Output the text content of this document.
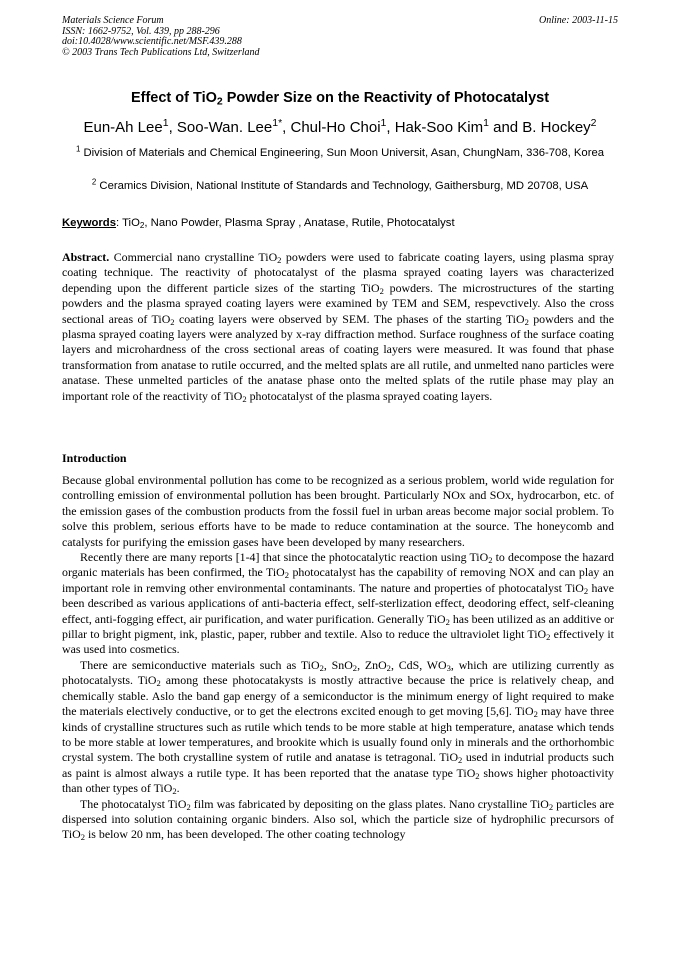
Materials Science Forum	Online: 2003-11-15
ISSN: 1662-9752, Vol. 439, pp 288-296
doi:10.4028/www.scientific.net/MSF.439.288
© 2003 Trans Tech Publications Ltd, Switzerland
Effect of TiO$_2$ Powder Size on the Reactivity of Photocatalyst
Eun-Ah Lee$^1$, Soo-Wan. Lee$^{1*}$, Chul-Ho Choi$^1$, Hak-Soo Kim$^1$ and B. Hockey$^2$
$^1$ Division of Materials and Chemical Engineering, Sun Moon Universit, Asan, ChungNam, 336-708, Korea
$^2$ Ceramics Division, National Institute of Standards and Technology, Gaithersburg, MD 20708, USA
Keywords: TiO$_2$, Nano Powder, Plasma Spray , Anatase, Rutile, Photocatalyst

Abstract. Commercial nano crystalline TiO$_2$ powders were used to fabricate coating layers, using plasma spray coating technique. The reactivity of photocatalyst of the plasma sprayed coating layers was characterized depending upon the different particle sizes of the starting TiO$_2$ powders. The microstructures of the starting powders and the plasma sprayed coating layers were examined by TEM and SEM, respevctively. Also the cross sectional areas of TiO$_2$ coating layers were observed by SEM. The phases of the starting TiO$_2$ powders and the plasma sprayed coating layers were analyzed by x-ray diffraction method. Surface roughness of the surface coating layers and microhardness of the cross sectional areas of coating layers were measured. It was found that phase transformation from anatase to rutile occurred, and the melted splats are all rutile, and unmelted nano particles were anatase. These unmelted particles of the anatase phase onto the melted splats of the rutile phase may play an important role of the reactivity of TiO$_2$ photocatalyst of the plasma sprayed coating layers.

Introduction

Because global environmental pollution has come to be recognized as a serious problem, world wide regulation for controlling emission of environmental pollution has been brought. Particularly NOx and SOx, hydrocarbon, etc. of the emission gases of the combustion products from the fossil fuel in urban areas become major social problem. To solve this problem, serious efforts have to be made to reduce contamination at the source. The honeycomb and catalysts for purifying the emission gases have been developed by many researchers.

Recently there are many reports [1-4] that since the photocatalytic reaction using TiO$_2$ to decompose the hazard organic materials has been confirmed, the TiO$_2$ photocatalyst has the capability of removing NOX and can play an important role in remving other environmental contaminants. The nature and properties of photocatalyst TiO$_2$ have been described as various applications of anti-bacteria effect, self-sterlization effect, deodoring effect, self-cleaning effect, anti-fogging effect, air purification, and water purification. Generally TiO$_2$ has been utilized as an additive or pillar to bright pigment, ink, plastic, paper, rubber and textile. Also to reduce the ultraviolet light TiO$_2$ effectively it was used into cosmetics.

There are semiconductive materials such as TiO$_2$, SnO$_2$, ZnO$_2$, CdS, $WO_3$, which are utilizing currently as photocatalysts. TiO$_2$ among these photocatakysts is mostly attractive because the price is relatively cheap, and chemically stable. Aslo the band gap energy of a semiconductor is the minimum energy of light required to make the materials electively conductive, or to get the electrons excited enough to get moving [5,6]. TiO$_2$ may have three kinds of crystalline structures such as rutile which tends to be more stable at high temperature, anatase which tends to be more stable at lower temperatures, and brookite which is usually found only in minerals and the orthorhombic crystal system. The both crystalline system of rutile and anatase is tetragonal. TiO$_2$ used in indutrial products such as paint is almost always a rutile type. It has been reported that the anatase type TiO$_2$ shows higher photoactivity than other types of TiO$_2$.

The photocatalyst TiO$_2$ film was fabricated by depositing on the glass plates. Nano crystalline TiO$_2$ particles are dispersed into solution containing organic binders. Also sol, which the particle size of hydrophilic precursors of TiO$_2$ is below 20 nm, has been developed. The other coating technology
